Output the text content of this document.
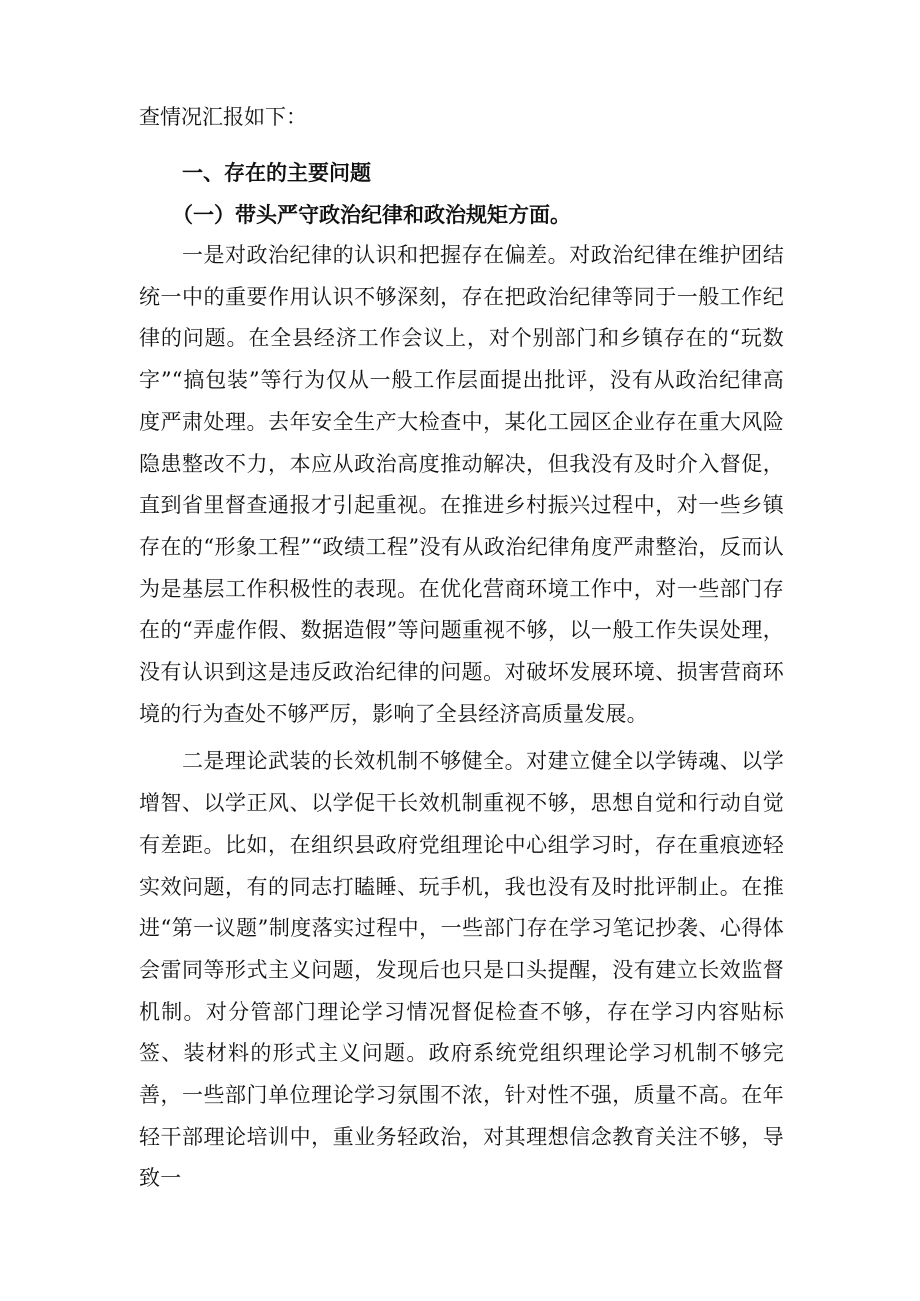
查情况汇报如下：

一、存在的主要问题

（一）带头严守政治纪律和政治规矩方面。

一是对政治纪律的认识和把握存在偏差。对政治纪律在维护团结统一中的重要作用认识不够深刻，存在把政治纪律等同于一般工作纪律的问题。在全县经济工作会议上，对个别部门和乡镇存在的“玩数字”“搞包装”等行为仅从一般工作层面提出批评，没有从政治纪律高度严肃处理。去年安全生产大检查中，某化工园区企业存在重大风险隐患整改不力，本应从政治高度推动解决，但我没有及时介入督促，直到省里督查通报才引起重视。在推进乡村振兴过程中，对一些乡镇存在的“形象工程”“政绩工程”没有从政治纪律角度严肃整治，反而认为是基层工作积极性的表现。在优化营商环境工作中，对一些部门存在的“弄虚作假、数据造假”等问题重视不够，以一般工作失误处理，没有认识到这是违反政治纪律的问题。对破坏发展环境、损害营商环境的行为查处不够严厉，影响了全县经济高质量发展。

二是理论武装的长效机制不够健全。对建立健全以学铸魂、以学增智、以学正风、以学促干长效机制重视不够，思想自觉和行动自觉有差距。比如，在组织县政府党组理论中心组学习时，存在重痕迹轻实效问题，有的同志打瞌睡、玩手机，我也没有及时批评制止。在推进“第一议题”制度落实过程中，一些部门存在学习笔记抄袭、心得体会雷同等形式主义问题，发现后也只是口头提醒，没有建立长效监督机制。对分管部门理论学习情况督促检查不够，存在学习内容贴标签、装材料的形式主义问题。政府系统党组织理论学习机制不够完善，一些部门单位理论学习氛围不浓，针对性不强，质量不高。在年轻干部理论培训中，重业务轻政治，对其理想信念教育关注不够，导致一
